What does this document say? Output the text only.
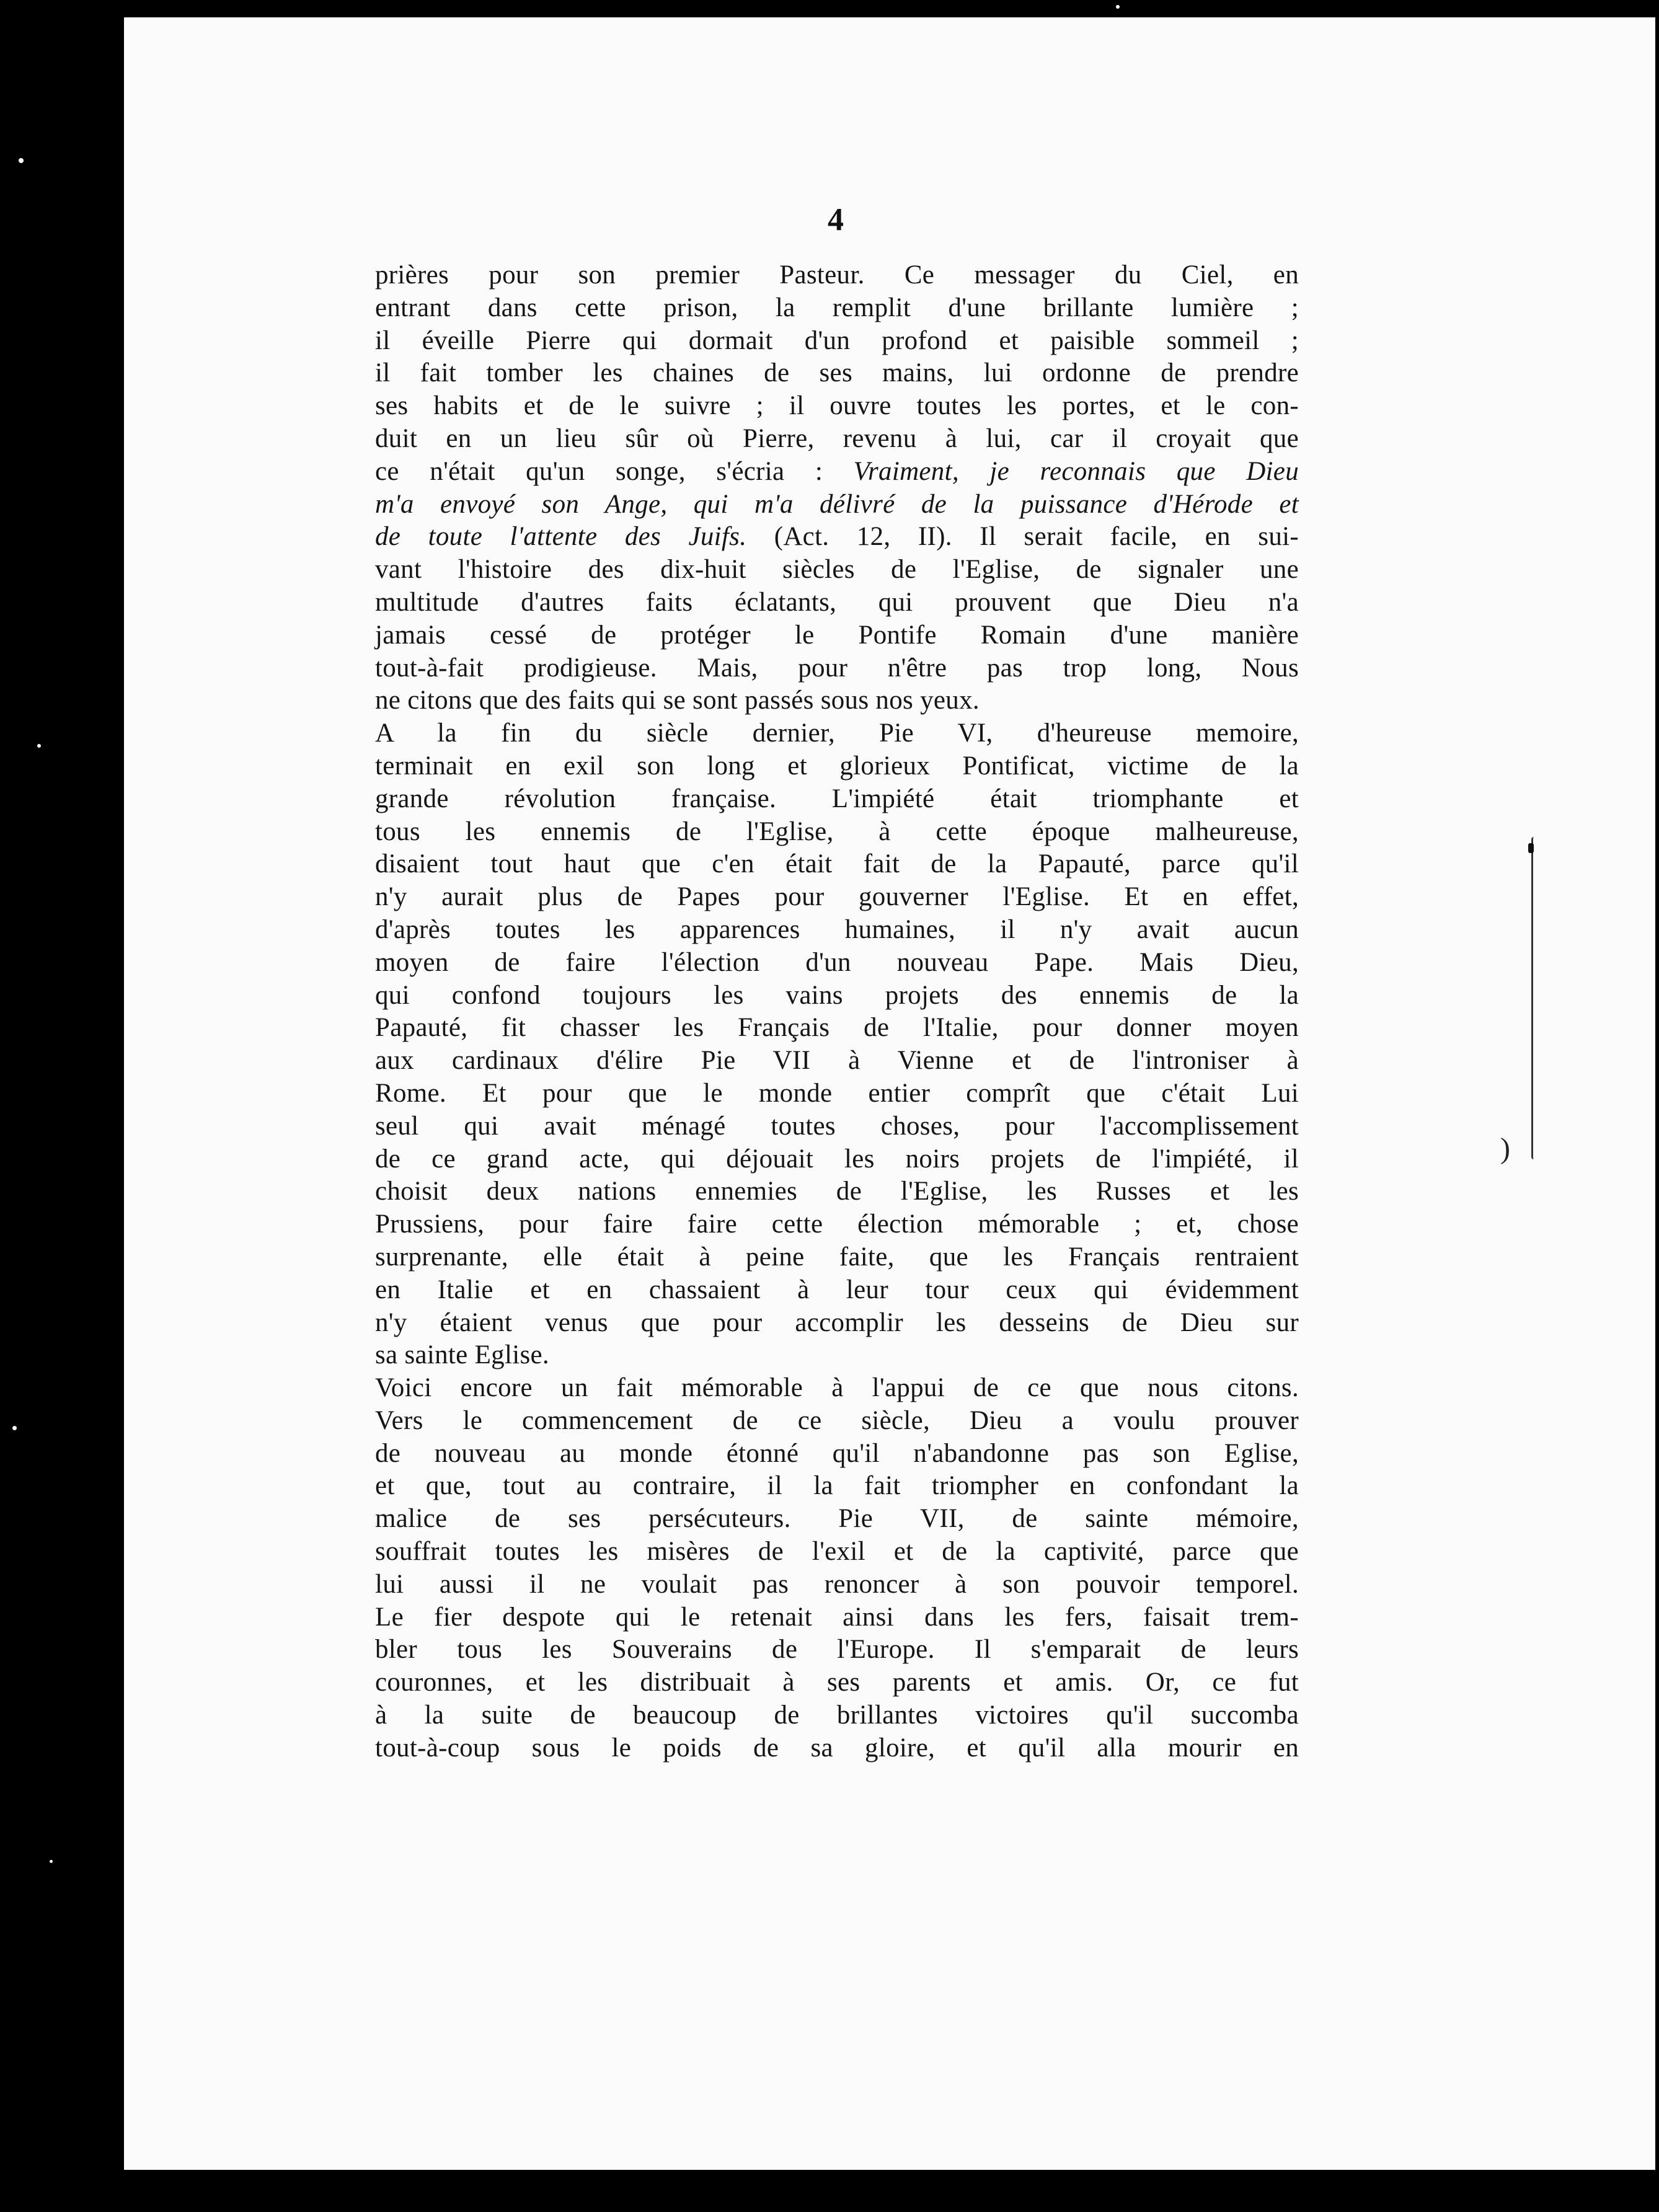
4
prières pour son premier Pasteur. Ce messager du Ciel, en
entrant dans cette prison, la remplit d'une brillante lumière ;
il éveille Pierre qui dormait d'un profond et paisible sommeil ;
il fait tomber les chaines de ses mains, lui ordonne de prendre
ses habits et de le suivre ; il ouvre toutes les portes, et le con-
duit en un lieu sûr où Pierre, revenu à lui, car il croyait que
ce n'était qu'un songe, s'écria : Vraiment, je reconnais que Dieu
m'a envoyé son Ange, qui m'a délivré de la puissance d'Hérode et
de toute l'attente des Juifs. (Act. 12, II). Il serait facile, en sui-
vant l'histoire des dix-huit siècles de l'Eglise, de signaler une
multitude d'autres faits éclatants, qui prouvent que Dieu n'a
jamais cessé de protéger le Pontife Romain d'une manière
tout-à-fait prodigieuse. Mais, pour n'être pas trop long, Nous
ne citons que des faits qui se sont passés sous nos yeux.
A la fin du siècle dernier, Pie VI, d'heureuse memoire,
terminait en exil son long et glorieux Pontificat, victime de la
grande révolution française. L'impiété était triomphante et
tous les ennemis de l'Eglise, à cette époque malheureuse,
disaient tout haut que c'en était fait de la Papauté, parce qu'il
n'y aurait plus de Papes pour gouverner l'Eglise. Et en effet,
d'après toutes les apparences humaines, il n'y avait aucun
moyen de faire l'élection d'un nouveau Pape. Mais Dieu,
qui confond toujours les vains projets des ennemis de la
Papauté, fit chasser les Français de l'Italie, pour donner moyen
aux cardinaux d'élire Pie VII à Vienne et de l'introniser à
Rome. Et pour que le monde entier comprît que c'était Lui
seul qui avait ménagé toutes choses, pour l'accomplissement
de ce grand acte, qui déjouait les noirs projets de l'impiété, il
choisit deux nations ennemies de l'Eglise, les Russes et les
Prussiens, pour faire faire cette élection mémorable ; et, chose
surprenante, elle était à peine faite, que les Français rentraient
en Italie et en chassaient à leur tour ceux qui évidemment
n'y étaient venus que pour accomplir les desseins de Dieu sur
sa sainte Eglise.
Voici encore un fait mémorable à l'appui de ce que nous citons.
Vers le commencement de ce siècle, Dieu a voulu prouver
de nouveau au monde étonné qu'il n'abandonne pas son Eglise,
et que, tout au contraire, il la fait triompher en confondant la
malice de ses persécuteurs. Pie VII, de sainte mémoire,
souffrait toutes les misères de l'exil et de la captivité, parce que
lui aussi il ne voulait pas renoncer à son pouvoir temporel.
Le fier despote qui le retenait ainsi dans les fers, faisait trem-
bler tous les Souverains de l'Europe. Il s'emparait de leurs
couronnes, et les distribuait à ses parents et amis. Or, ce fut
à la suite de beaucoup de brillantes victoires qu'il succomba
tout-à-coup sous le poids de sa gloire, et qu'il alla mourir en
)
